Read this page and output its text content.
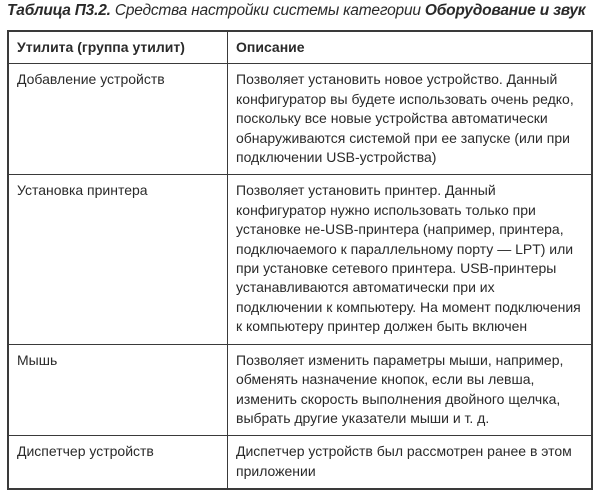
Таблица П3.2. Средства настройки системы категории Оборудование и звук
Утилита (группа утилит)	Описание
Добавление устройств	Позволяет установить новое устройство. Данный конфигуратор вы будете использовать очень редко, поскольку все новые устройства автоматически обнаруживаются системой при ее запуске (или при подключении USB-устройства)
Установка принтера	Позволяет установить принтер. Данный конфигуратор нужно использовать только при установке не-USB-принтера (например, принтера, подключаемого к параллельному порту — LPT) или при установке сетевого принтера. USB-принтеры устанавливаются автоматически при их подключении к компьютеру. На момент подключения к компьютеру принтер должен быть включен
Мышь	Позволяет изменить параметры мыши, например, обменять назначение кнопок, если вы левша, изменить скорость выполнения двойного щелчка, выбрать другие указатели мыши и т. д.
Диспетчер устройств	Диспетчер устройств был рассмотрен ранее в этом приложении
